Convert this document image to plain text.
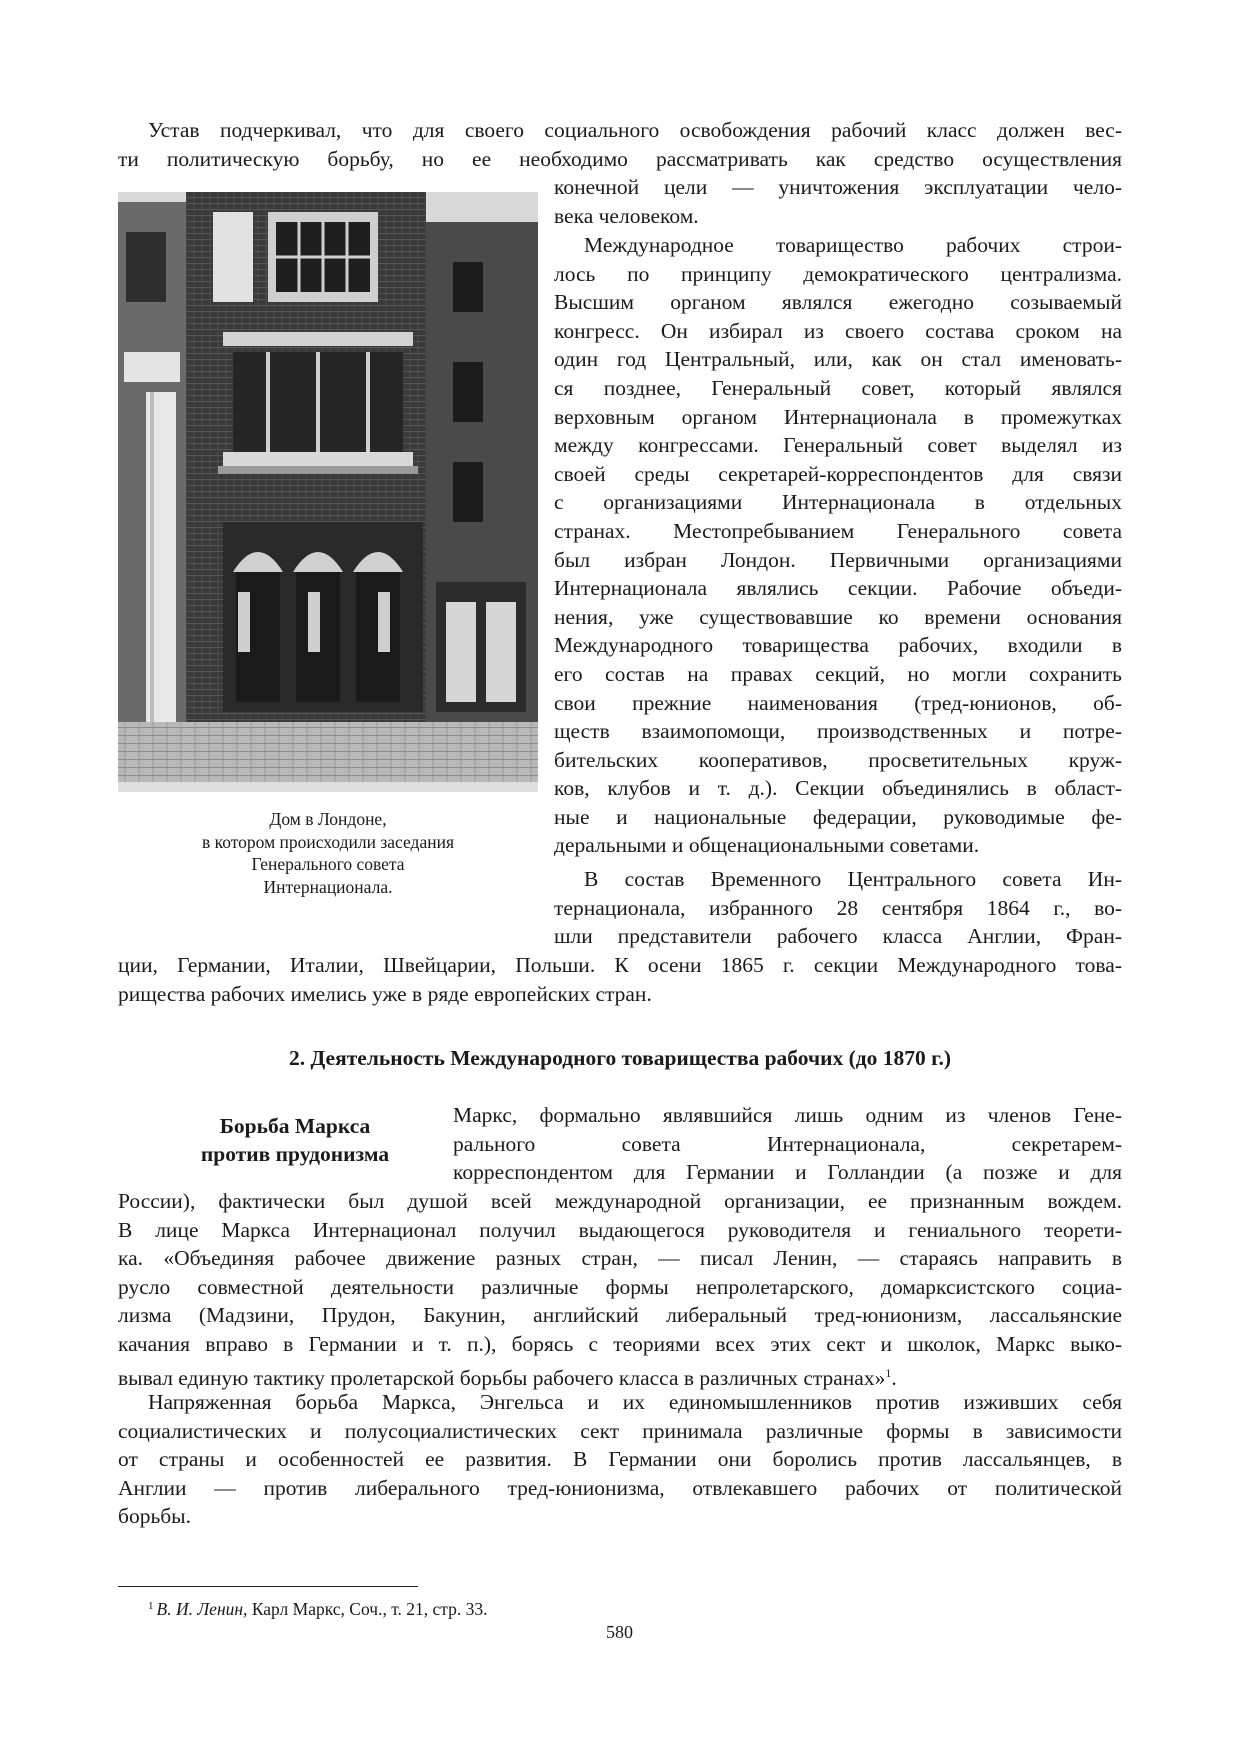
Устав подчеркивал, что для своего социального освобождения рабочий класс должен вес-
ти политическую борьбу, но ее необходимо рассматривать как средство осуществления
конечной цели — уничтожения эксплуатации чело-
века человеком.
Международное товарищество рабочих строи-
лось по принципу демократического централизма.
Высшим органом являлся ежегодно созываемый
конгресс. Он избирал из своего состава сроком на
один год Центральный, или, как он стал именовать-
ся позднее, Генеральный совет, который являлся
верховным органом Интернационала в промежутках
между конгрессами. Генеральный совет выделял из
своей среды секретарей-корреспондентов для связи
с организациями Интернационала в отдельных
странах. Местопребыванием Генерального совета
был избран Лондон. Первичными организациями
Интернационала являлись секции. Рабочие объеди-
нения, уже существовавшие ко времени основания
Международного товарищества рабочих, входили в
его состав на правах секций, но могли сохранить
свои прежние наименования (тред-юнионов, об-
ществ взаимопомощи, производственных и потре-
бительских кооперативов, просветительных круж-
ков, клубов и т. д.). Секции объединялись в област-
ные и национальные федерации, руководимые фе-
деральными и общенациональными советами.
В состав Временного Центрального совета Ин-
тернационала, избранного 28 сентября 1864 г., во-
шли представители рабочего класса Англии, Фран-
ции, Германии, Италии, Швейцарии, Польши. К осени 1865 г. секции Международного това-
рищества рабочих имелись уже в ряде европейских стран.
Дом в Лондоне,
в котором происходили заседания
Генерального совета
Интернационала.
2. Деятельность Международного товарищества рабочих (до 1870 г.)
Борьба Маркса
против прудонизма
Маркс, формально являвшийся лишь одним из членов Гене-
рального совета Интернационала, секретарем-
корреспондентом для Германии и Голландии (а позже и для
России), фактически был душой всей международной организации, ее признанным вождем.
В лице Маркса Интернационал получил выдающегося руководителя и гениального теорети-
ка. «Объединяя рабочее движение разных стран, — писал Ленин, — стараясь направить в
русло совместной деятельности различные формы непролетарского, домарксистского социа-
лизма (Мадзини, Прудон, Бакунин, английский либеральный тред-юнионизм, лассальянские
качания вправо в Германии и т. п.), борясь с теориями всех этих сект и школок, Маркс выко-
вывал единую тактику пролетарской борьбы рабочего класса в различных странах»$^1$.
Напряженная борьба Маркса, Энгельса и их единомышленников против изживших себя
социалистических и полусоциалистических сект принимала различные формы в зависимости
от страны и особенностей ее развития. В Германии они боролись против лассальянцев, в
Англии — против либерального тред-юнионизма, отвлекавшего рабочих от политической
борьбы.
$^1$ В. И. Ленин, Карл Маркс, Соч., т. 21, стр. 33.
580
